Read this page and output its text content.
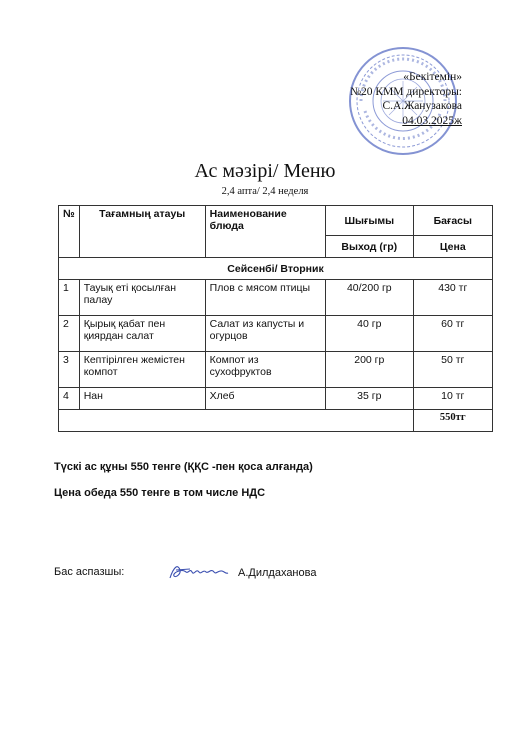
«Бекітемін»
№20 КММ директоры:
С.А.Жанузакова
04.03.2025ж
Ас мәзірі/ Меню
2,4 апта/ 2,4 неделя
№	Тағамның атауы	Наименование блюда	Шығымы	Бағасы
			Выход (гр)	Цена
Сейсенбі/ Вторник				
1	Тауық еті қосылған палау	Плов с мясом птицы	40/200 гр	430 тг
2	Қырық қабат пен қиярдан салат	Салат из капусты и огурцов	40 гр	60 тг
3	Кептірілген жемістен компот	Компот из сухофруктов	200 гр	50 тг
4	Нан	Хлеб	35 гр	10 тг
				550тг
Түскі ас құны 550 тенге (ҚҚС -пен қоса алғанда)
Цена обеда 550 тенге в том числе НДС
Бас аспазшы:	А.Дилдаханова
